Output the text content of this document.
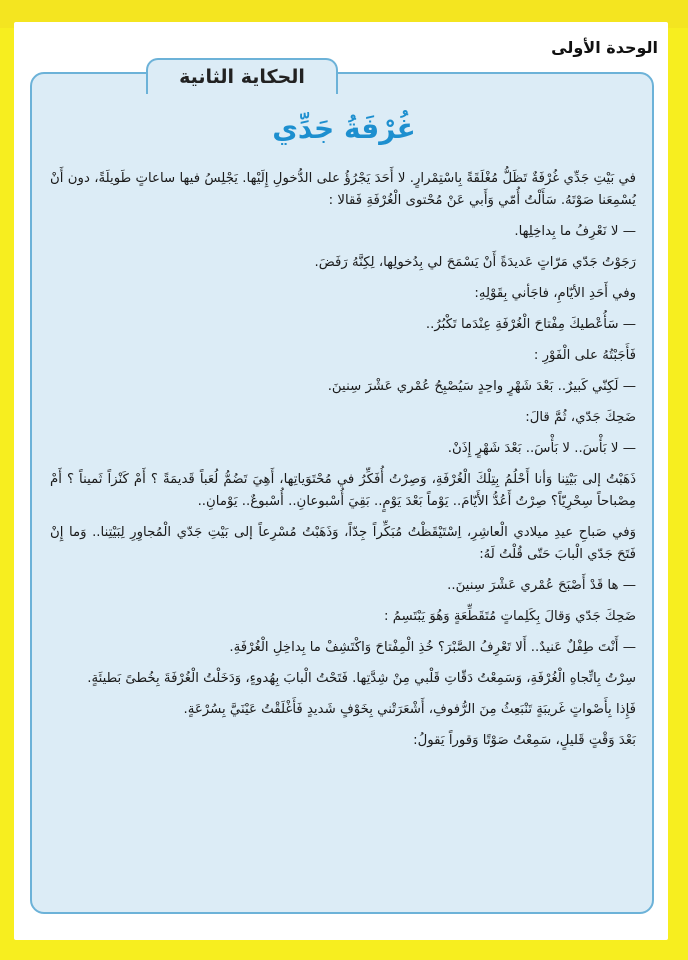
الوحدة الأولى
الحكاية الثانية
غُرْفَةُ جَدِّي

في بَيْتِ جَدِّي غُرْفَةٌ تَظَلُّ مُغْلَقَةً بِاسْتِمْرارٍ. لا أَحَدَ يَجْرُؤُ على الدُّخولِ إِلَيْها. يَجْلِسُ فيها ساعاتٍ طَويلَةً، دون أَنْ يُسْمِعَنا صَوْتَهُ. سَأَلْتُ أُمّي وَأَبي عَنْ مُحْتوى الْغُرْفَةِ فَقالا :

— لا نَعْرِفُ ما بِداخِلِها.

رَجَوْتُ جَدّي مَرّاتٍ عَديدَةً أَنْ يَسْمَحَ لي بِدُخولِها، لِكِنَّهُ رَفَضَ.

وفي أَحَدِ الأيّامِ، فاجَأني بِقَوْلِهِ:

— سَأُعْطيكَ مِفْتاحَ الْغُرْفَةِ عِنْدَما تَكْبُرُ..

فَأَجَبْتُهُ على الْفَوْرِ :

— لَكِنّي كَبيرٌ.. بَعْدَ شَهْرٍ واحِدٍ سَيُصْبِحُ عُمْري عَشْرَ سِنينَ.

ضَحِكَ جَدّي، ثُمَّ قالَ:

— لا بَأْسَ.. لا بَأْسَ.. بَعْدَ شَهْرٍ إِذَنْ.

ذَهَبْتُ إلى بَيْتِنا وَأنا أَحْلُمُ بِتِلْكَ الْغُرْفَةِ، وَصِرْتُ أُفَكِّرُ في مُحْتَوَياتِها، أَهِيَ تَضُمُّ لُعَباً قَديمَةً ؟ أَمْ كَنْزاً ثَميناً ؟ أَمْ مِصْباحاً سِحْرِيّاً؟ صِرْتُ أَعُدُّ الأَيّامَ.. يَوْماً بَعْدَ يَوْمٍ.. بَقِيَ أُسْبوعانِ.. أُسْبوعٌ.. يَوْمانِ..

وَفي صَباحِ عيدِ ميلادي الْعاشِرِ، اِسْتَيْقَظْتُ مُبَكِّراً جِدّاً، وَذَهَبْتُ مُسْرِعاً إلى بَيْتِ جَدّي الْمُجاوِرِ لِبَيْتِنا.. وَما إِنْ فَتَحَ جَدّي الْبابَ حَتّى قُلْتُ لَهُ:

— ها قَدْ أَصْبَحَ عُمْري عَشْرَ سِنينَ..

ضَحِكَ جَدّي وَقالَ بِكَلِماتٍ مُتَقَطِّعَةٍ وَهُوَ يَبْتَسِمُ :

— أَنْتَ طِفْلٌ عَنيدٌ.. أَلا تَعْرِفُ الصَّبْرَ؟ خُذِ الْمِفْتاحَ وَاكْتَشِفْ ما بِداخِلِ الْغُرْفَةِ.

سِرْتُ بِاتِّجاهِ الْغُرْفَةِ، وَسَمِعْتُ دَقّاتِ قَلْبي مِنْ شِدَّتِها. فَتَحْتُ الْبابَ بِهُدوءٍ، وَدَخَلْتُ الْغُرْفَةَ بِخُطىً بَطيئَةٍ.

فَإِذا بِأَصْواتٍ غَريبَةٍ تَنْبَعِثُ مِنَ الرُّفوفِ، أَشْعَرَتْني بِخَوْفٍ شَديدٍ فَأَغْلَقْتُ عَيْنَيَّ بِسُرْعَةٍ.

بَعْدَ وَقْتٍ قَليلٍ، سَمِعْتُ صَوْتًا وَقوراً يَقولُ:
